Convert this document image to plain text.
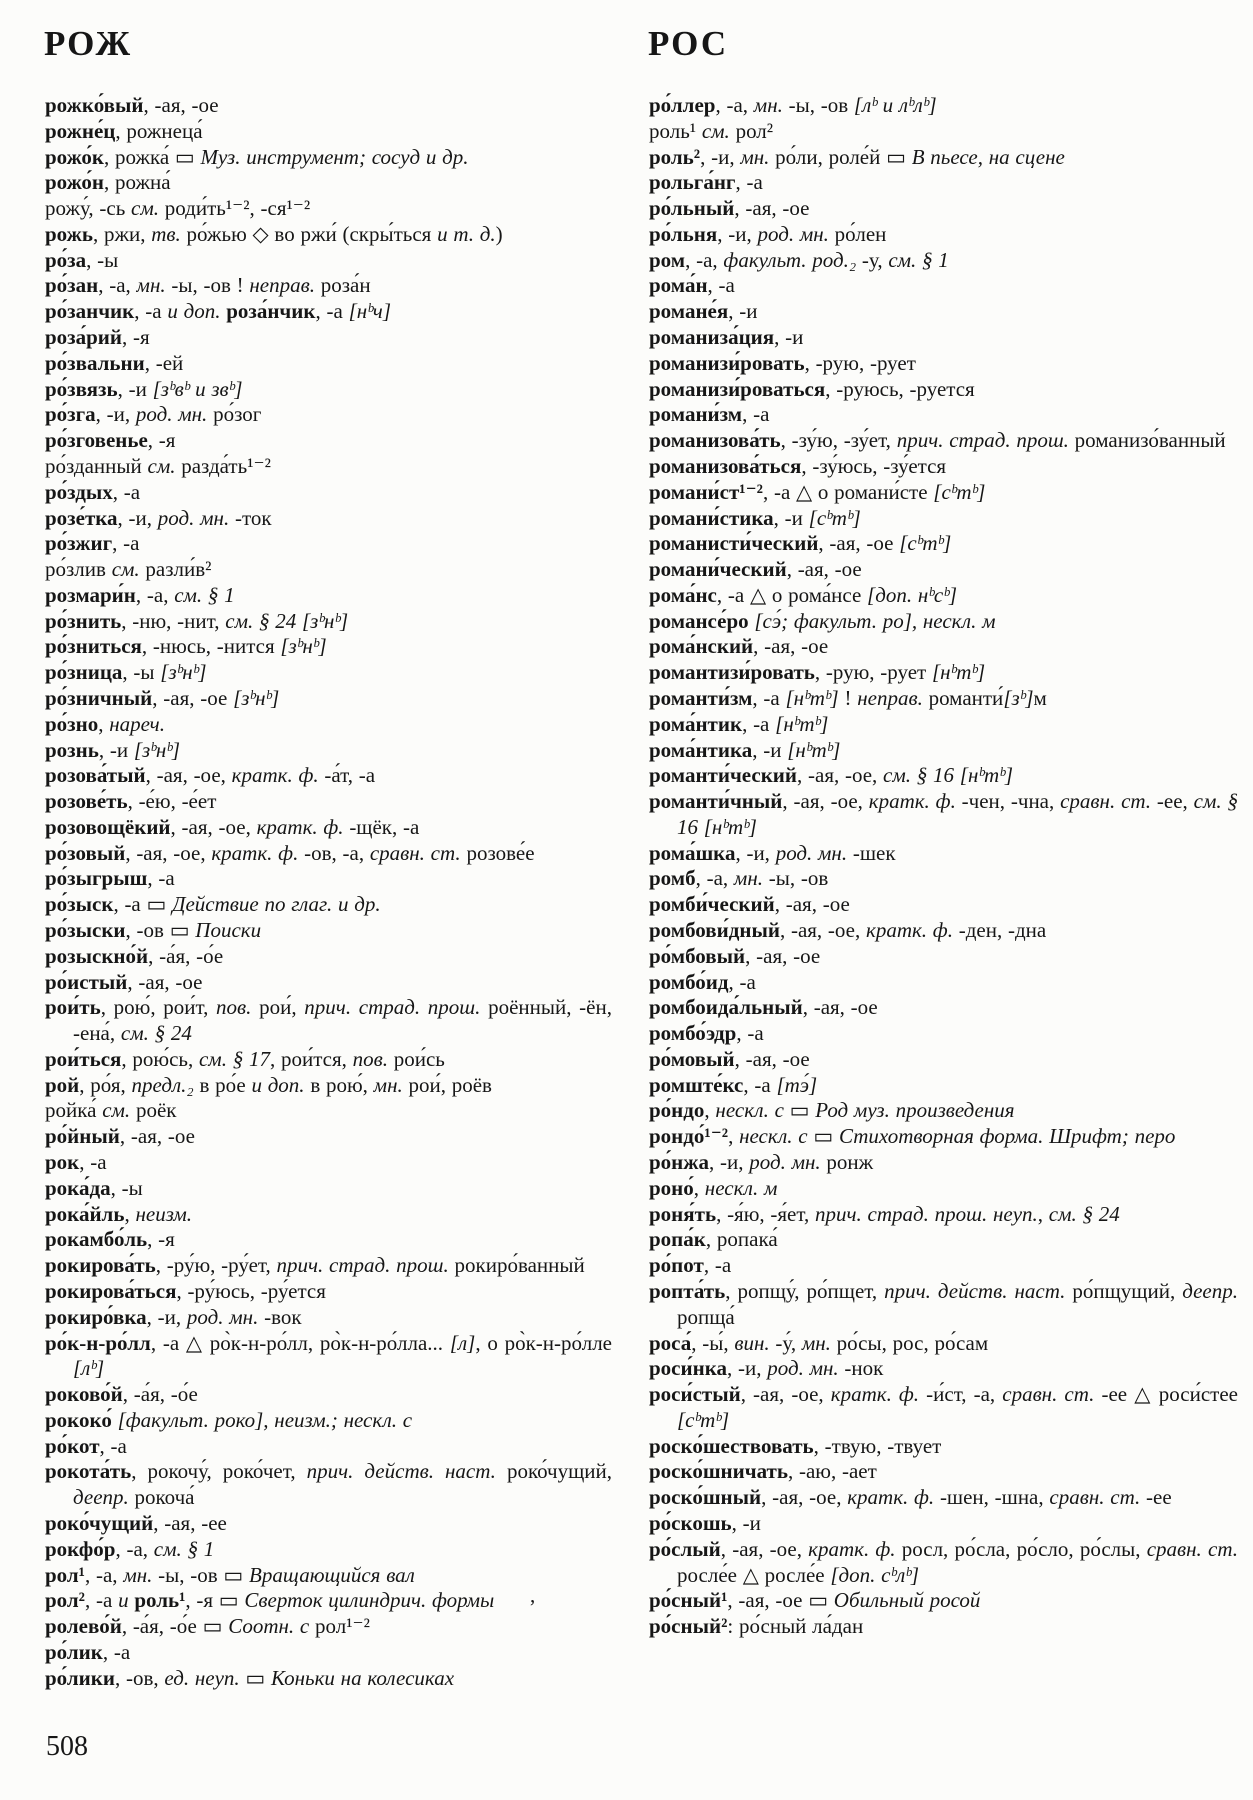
РОЖ	РОС

рожко́вый, -ая, -ое

рожне́ц, рожнеца́

рожо́к, рожка́ ▭ Муз. инструмент; сосуд и др.

рожо́н, рожна́

рожу́, -сь см. роди́ть¹⁻², -ся¹⁻²

рожь, ржи, тв. ро́жью ◇ во ржи́ (скры́ться и т. д.)

ро́за, -ы

ро́зан, -а, мн. -ы, -ов ! неправ. роза́н

ро́занчик, -а и доп. роза́нчик, -а [нᵇч]

роза́рий, -я

ро́звальни, -ей

ро́звязь, -и [зᵇвᵇ и звᵇ]

ро́зга, -и, род. мн. ро́зог

ро́зговенье, -я

ро́зданный см. разда́ть¹⁻²

ро́здых, -а

розе́тка, -и, род. мн. -ток

ро́зжиг, -а

ро́злив см. разли́в²

розмари́н, -а, см. § 1

ро́знить, -ню, -нит, см. § 24 [зᵇнᵇ]

ро́зниться, -нюсь, -нится [зᵇнᵇ]

ро́зница, -ы [зᵇнᵇ]

ро́зничный, -ая, -ое [зᵇнᵇ]

ро́зно, нареч.

рознь, -и [зᵇнᵇ]

розова́тый, -ая, -ое, кратк. ф. -а́т, -а

розове́ть, -е́ю, -е́ет

розовощёкий, -ая, -ое, кратк. ф. -щёк, -а

ро́зовый, -ая, -ое, кратк. ф. -ов, -а, сравн. ст. розове́е

ро́зыгрыш, -а

ро́зыск, -а ▭ Действие по глаг. и др.

ро́зыски, -ов ▭ Поиски

розыскно́й, -а́я, -о́е

ро́истый, -ая, -ое

рои́ть, рою́, рои́т, пов. рои́, прич. страд. прош. роённый, -ён, -ена́, см. § 24

рои́ться, рою́сь, см. § 17, рои́тся, пов. рои́сь

рой, ро́я, предл.₂ в ро́е и доп. в рою́, мн. рои́, роёв

ройка́ см. роёк

ро́йный, -ая, -ое

рок, -а

рока́да, -ы

рока́йль, неизм.

рокамбо́ль, -я

рокирова́ть, -ру́ю, -ру́ет, прич. страд. прош. рокиро́ванный

рокирова́ться, -ру́юсь, -ру́ется

рокиро́вка, -и, род. мн. -вок

ро́к-н-ро́лл, -а △ ро̀к-н-ро́лл, ро̀к-н-ро́лла... [л], о ро̀к-н-ро́лле [лᵇ]

роково́й, -а́я, -о́е

рококо́ [факульт. роко], неизм.; нескл. с

ро́кот, -а

рокота́ть, рокочу́, роко́чет, прич. действ. наст. роко́чущий, деепр. рокоча́

роко́чущий, -ая, -ее

рокфо́р, -а, см. § 1

рол¹, -а, мн. -ы, -ов ▭ Вращающийся вал

рол², -а и роль¹, -я ▭ Сверток цилиндрич. формы

ролево́й, -а́я, -о́е ▭ Соотн. с рол¹⁻²

ро́лик, -а

ро́лики, -ов, ед. неуп. ▭ Коньки на колесиках

ро́ллер, -а, мн. -ы, -ов [лᵇ и лᵇлᵇ]

роль¹ см. рол²

роль², -и, мн. ро́ли, роле́й ▭ В пьесе, на сцене

рольга́нг, -а

ро́льный, -ая, -ое

ро́льня, -и, род. мн. ро́лен

ром, -а, факульт. род.₂ -у, см. § 1

рома́н, -а

романе́я, -и

романиза́ция, -и

романизи́ровать, -рую, -рует

романизи́роваться, -руюсь, -руется

романи́зм, -а

романизова́ть, -зу́ю, -зу́ет, прич. страд. прош. романизо́ванный

романизова́ться, -зу́юсь, -зу́ется

романи́ст¹⁻², -а △ о романи́сте [сᵇтᵇ]

романи́стика, -и [сᵇтᵇ]

романисти́ческий, -ая, -ое [сᵇтᵇ]

романи́ческий, -ая, -ое

рома́нс, -а △ о рома́нсе [доп. нᵇсᵇ]

романсе́ро [сэ́; факульт. ро], нескл. м

рома́нский, -ая, -ое

романтизи́ровать, -рую, -рует [нᵇтᵇ]

романти́зм, -а [нᵇтᵇ] ! неправ. романти́[зᵇ]м

рома́нтик, -а [нᵇтᵇ]

рома́нтика, -и [нᵇтᵇ]

романти́ческий, -ая, -ое, см. § 16 [нᵇтᵇ]

романти́чный, -ая, -ое, кратк. ф. -чен, -чна, сравн. ст. -ее, см. § 16 [нᵇтᵇ]

рома́шка, -и, род. мн. -шек

ромб, -а, мн. -ы, -ов

ромби́ческий, -ая, -ое

ромбови́дный, -ая, -ое, кратк. ф. -ден, -дна

ро́мбовый, -ая, -ое

ромбо́ид, -а

ромбоида́льный, -ая, -ое

ромбо́эдр, -а

ро́мовый, -ая, -ое

ромште́кс, -а [тэ́]

ро́ндо, нескл. с ▭ Род муз. произведения

рондо́¹⁻², нескл. с ▭ Стихотворная форма. Шрифт; перо

ро́нжа, -и, род. мн. ронж

роно́, нескл. м

роня́ть, -я́ю, -я́ет, прич. страд. прош. неуп., см. § 24

ропа́к, ропака́

ро́пот, -а

ропта́ть, ропщу́, ро́пщет, прич. действ. наст. ро́пщущий, деепр. ропща́

роса́, -ы́, вин. -у́, мн. ро́сы, рос, ро́сам

роси́нка, -и, род. мн. -нок

роси́стый, -ая, -ое, кратк. ф. -и́ст, -а, сравн. ст. -ее △ роси́стее [сᵇтᵇ]

роско́шествовать, -твую, -твует

роско́шничать, -аю, -ает

роско́шный, -ая, -ое, кратк. ф. -шен, -шна, сравн. ст. -ее

ро́скошь, -и

ро́слый, -ая, -ое, кратк. ф. росл, ро́сла, ро́сло, ро́слы, сравн. ст. росле́е △ росле́е [доп. сᵇлᵇ]

ро́сный¹, -ая, -ое ▭ Обильный росой

ро́сный²: ро́сный ла́дан

,
508
